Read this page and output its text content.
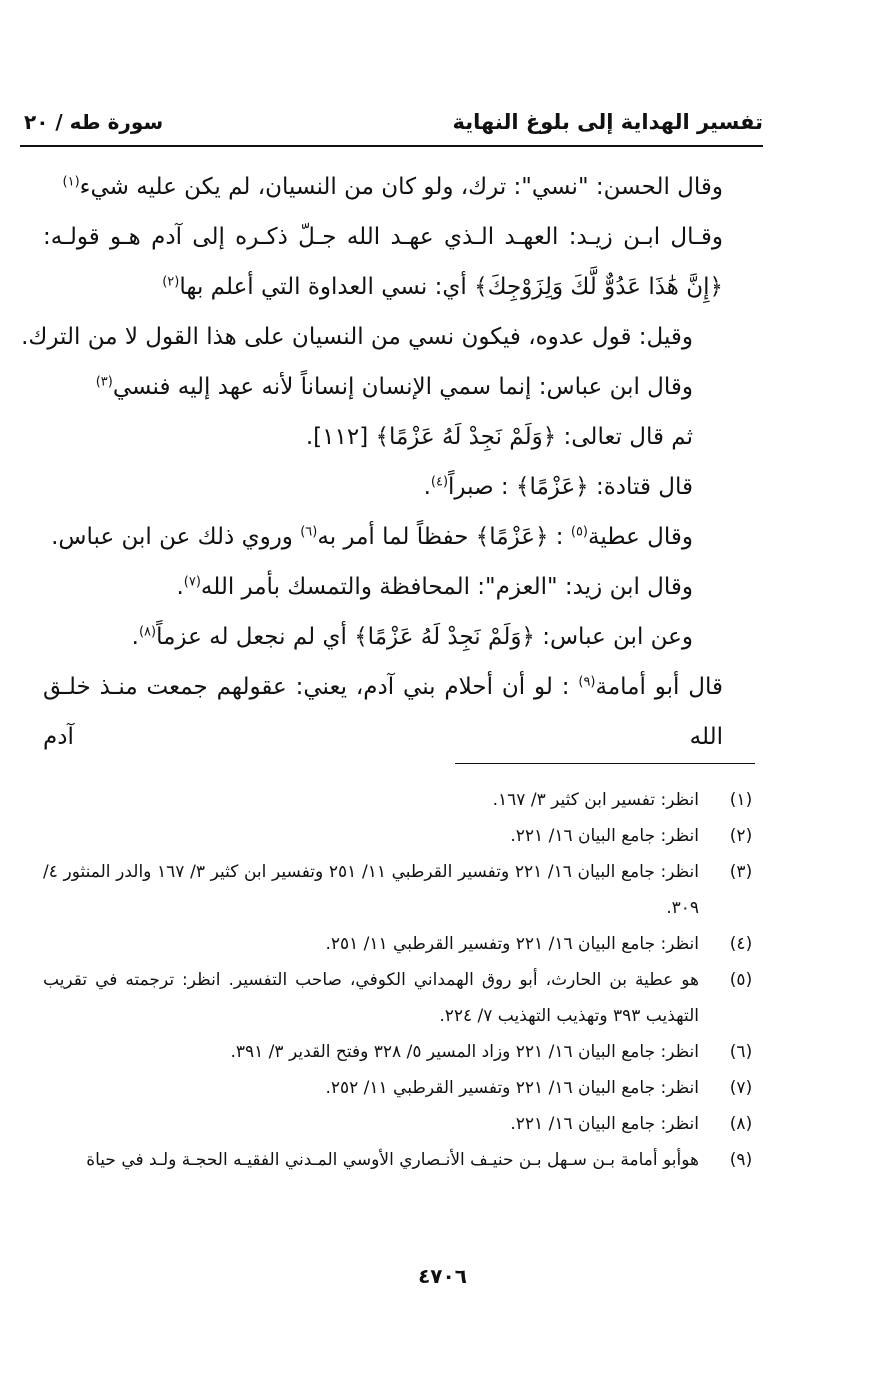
تفسير الهداية إلى بلوغ النهاية
سورة طه / ٢٠

وقال الحسن: "نسي": ترك، ولو كان من النسيان، لم يكن عليه شيء$^{(١)}$

وقـال ابـن زيـد: العهـد الـذي عهـد الله جـلّ ذكـره إلى آدم هـو قولـه:

﴿إِنَّ هَٰذَا عَدُوٌّ لَّكَ وَلِزَوْجِكَ﴾ أي: نسي العداوة التي أعلم بها$^{(٢)}$

وقيل: قول عدوه، فيكون نسي من النسيان على هذا القول لا من الترك.

وقال ابن عباس: إنما سمي الإنسان إنساناً لأنه عهد إليه فنسي$^{(٣)}$

ثم قال تعالى: ﴿وَلَمْ نَجِدْ لَهُ عَزْمًا﴾ [١١٢].

قال قتادة: ﴿عَزْمًا﴾ : صبراً$^{(٤)}$.

وقال عطية$^{(٥)}$ : ﴿عَزْمًا﴾ حفظاً لما أمر به$^{(٦)}$ وروي ذلك عن ابن عباس.

وقال ابن زيد: "العزم": المحافظة والتمسك بأمر الله$^{(٧)}$.

وعن ابن عباس: ﴿وَلَمْ نَجِدْ لَهُ عَزْمًا﴾ أي لم نجعل له عزماً$^{(٨)}$.

قال أبو أمامة$^{(٩)}$ : لو أن أحلام بني آدم، يعني: عقولهم جمعت منـذ خلـق الله آدم

(١)
انظر: تفسير ابن كثير ٣/ ١٦٧.
(٢)
انظر: جامع البيان ١٦/ ٢٢١.
(٣)
انظر: جامع البيان ١٦/ ٢٢١ وتفسير القرطبي ١١/ ٢٥١ وتفسير ابن كثير ٣/ ١٦٧ والدر المنثور ٤/ ٣٠٩.
(٤)
انظر: جامع البيان ١٦/ ٢٢١ وتفسير القرطبي ١١/ ٢٥١.
(٥)
هو عطية بن الحارث، أبو روق الهمداني الكوفي، صاحب التفسير. انظر: ترجمته في تقريب التهذيب ٣٩٣ وتهذيب التهذيب ٧/ ٢٢٤.
(٦)
انظر: جامع البيان ١٦/ ٢٢١ وزاد المسير ٥/ ٣٢٨ وفتح القدير ٣/ ٣٩١.
(٧)
انظر: جامع البيان ١٦/ ٢٢١ وتفسير القرطبي ١١/ ٢٥٢.
(٨)
انظر: جامع البيان ١٦/ ٢٢١.
(٩)
هوأبو أمامة بـن سـهل بـن حنيـف الأنـصاري الأوسي المـدني الفقيـه الحجـة ولـد في حياة
٤٧٠٦
